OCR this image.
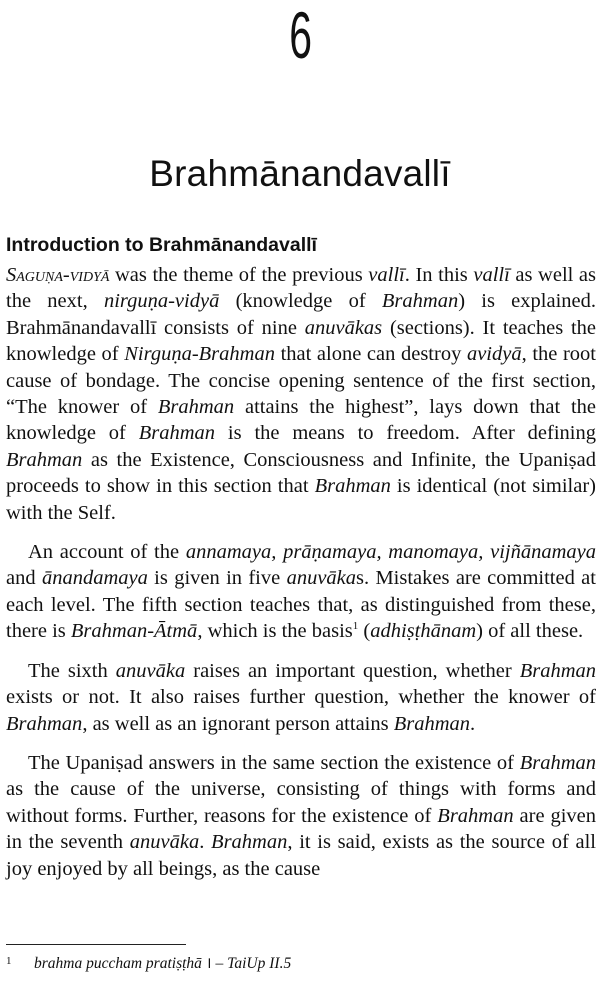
6
Brahmānandavallī
Introduction to Brahmānandavallī

Saguṇa-vidyā was the theme of the previous vallī. In this vallī as well as the next, nirguṇa-vidyā (knowledge of Brahman) is explained. Brahmānandavallī consists of nine anuvākas (sections). It teaches the knowledge of Nirguṇa-Brahman that alone can destroy avidyā, the root cause of bondage. The concise opening sentence of the first section, “The knower of Brahman attains the highest”, lays down that the knowledge of Brahman is the means to freedom. After defining Brahman as the Existence, Consciousness and Infinite, the Upaniṣad proceeds to show in this section that Brahman is identical (not similar) with the Self.

An account of the annamaya, prāṇamaya, manomaya, vijñānamaya and ānandamaya is given in five anuvākas. Mistakes are committed at each level. The fifth section teaches that, as distinguished from these, there is Brahman-Ātmā, which is the basis$^1$ (adhiṣṭhānam) of all these.

The sixth anuvāka raises an important question, whether Brahman exists or not. It also raises further question, whether the knower of Brahman, as well as an ignorant person attains Brahman.

The Upaniṣad answers in the same section the existence of Brahman as the cause of the universe, consisting of things with forms and without forms. Further, reasons for the existence of Brahman are given in the seventh anuvāka. Brahman, it is said, exists as the source of all joy enjoyed by all beings, as the cause

1 brahma puccham pratiṣṭhā । – TaiUp II.5
